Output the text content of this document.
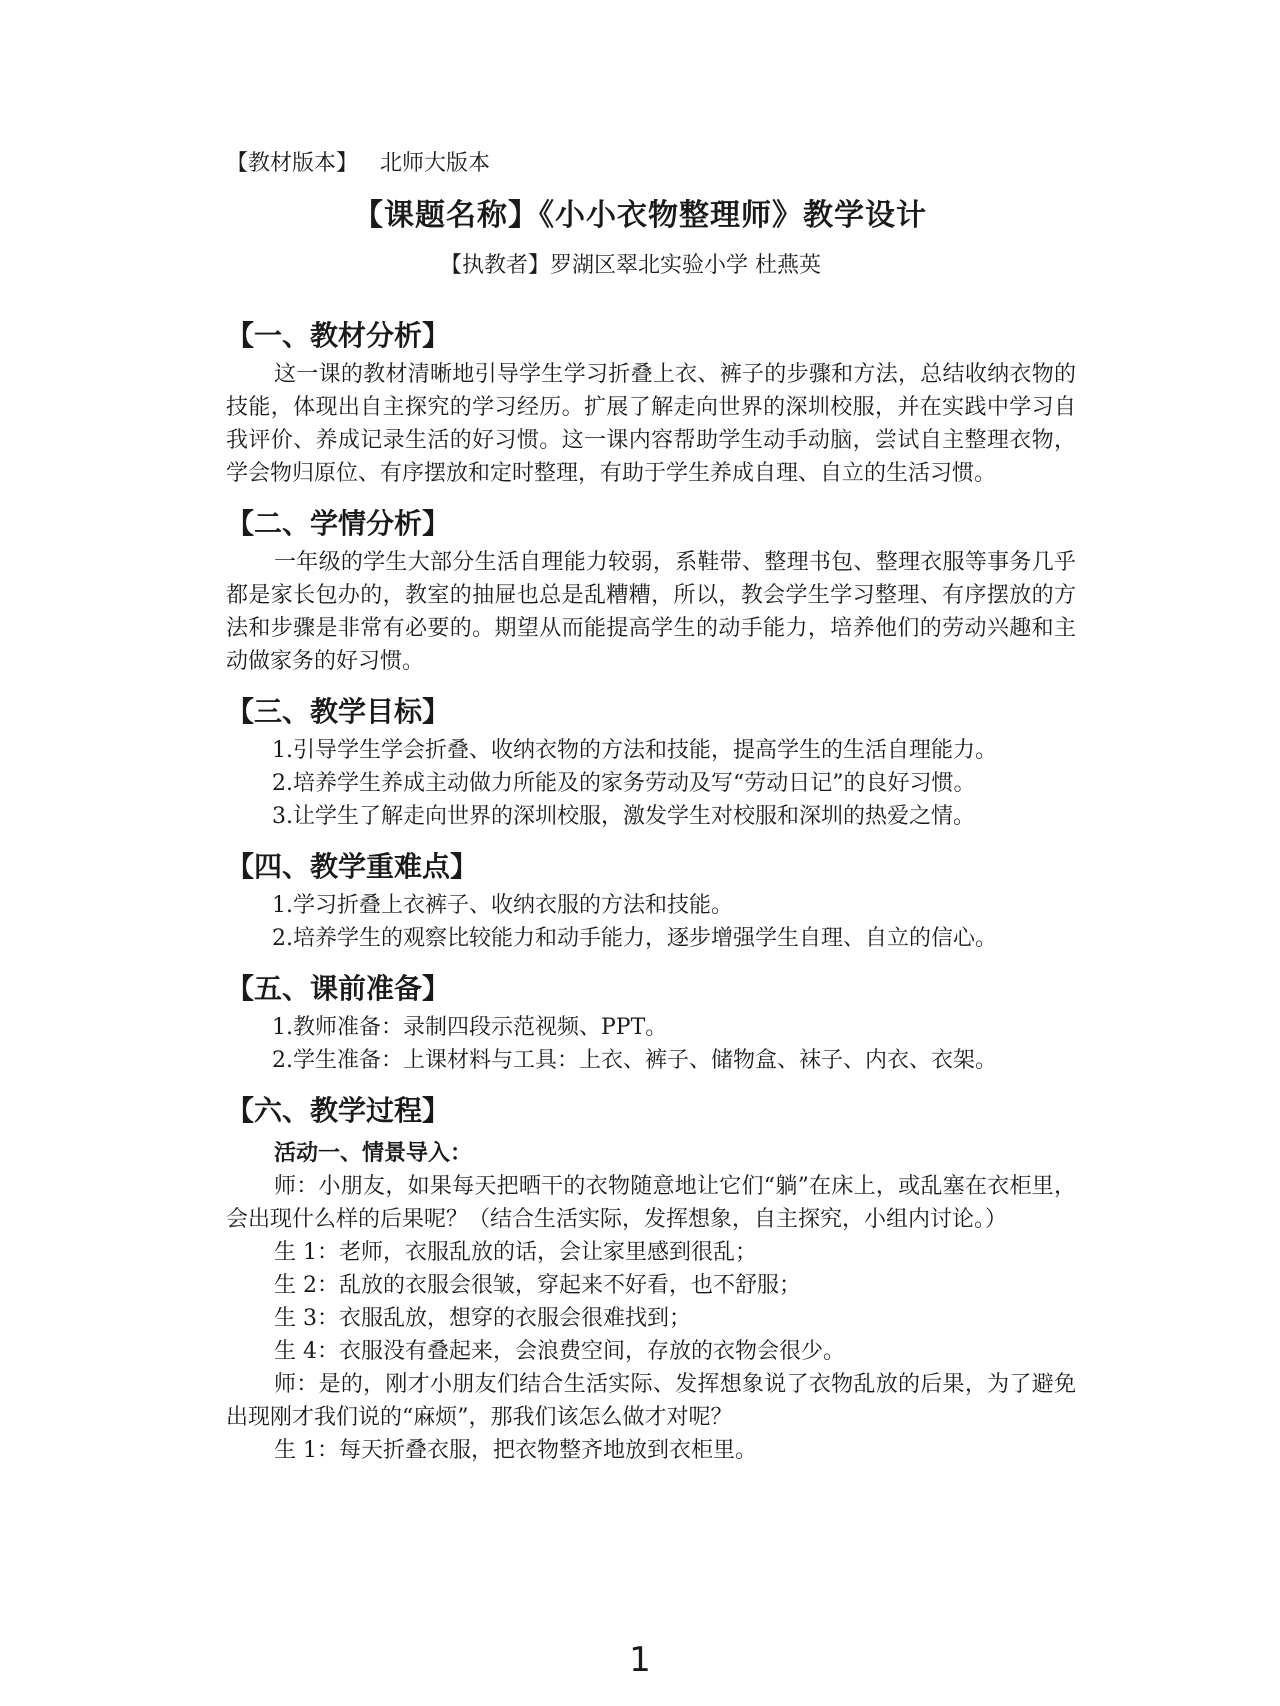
【教材版本】 北师大版本
【课题名称】《小小衣物整理师》教学设计
【执教者】罗湖区翠北实验小学 杜燕英
【一、教材分析】

这一课的教材清晰地引导学生学习折叠上衣、裤子的步骤和方法，总结收纳衣物的技能，体现出自主探究的学习经历。扩展了解走向世界的深圳校服，并在实践中学习自我评价、养成记录生活的好习惯。这一课内容帮助学生动手动脑，尝试自主整理衣物，学会物归原位、有序摆放和定时整理，有助于学生养成自理、自立的生活习惯。

【二、学情分析】

一年级的学生大部分生活自理能力较弱，系鞋带、整理书包、整理衣服等事务几乎都是家长包办的，教室的抽屉也总是乱糟糟，所以，教会学生学习整理、有序摆放的方法和步骤是非常有必要的。期望从而能提高学生的动手能力，培养他们的劳动兴趣和主动做家务的好习惯。

【三、教学目标】
1.引导学生学会折叠、收纳衣物的方法和技能，提高学生的生活自理能力。
2.培养学生养成主动做力所能及的家务劳动及写“劳动日记”的良好习惯。
3.让学生了解走向世界的深圳校服，激发学生对校服和深圳的热爱之情。
【四、教学重难点】
1.学习折叠上衣裤子、收纳衣服的方法和技能。
2.培养学生的观察比较能力和动手能力，逐步增强学生自理、自立的信心。
【五、课前准备】
1.教师准备：录制四段示范视频、PPT。
2.学生准备：上课材料与工具：上衣、裤子、储物盒、袜子、内衣、衣架。
【六、教学过程】
活动一、情景导入：

师：小朋友，如果每天把晒干的衣物随意地让它们“躺”在床上，或乱塞在衣柜里，会出现什么样的后果呢？（结合生活实际，发挥想象，自主探究，小组内讨论。）

生 1：老师，衣服乱放的话，会让家里感到很乱；
生 2：乱放的衣服会很皱，穿起来不好看，也不舒服；
生 3：衣服乱放，想穿的衣服会很难找到；
生 4：衣服没有叠起来，会浪费空间，存放的衣物会很少。

师：是的，刚才小朋友们结合生活实际、发挥想象说了衣物乱放的后果，为了避免出现刚才我们说的“麻烦”，那我们该怎么做才对呢？

生 1：每天折叠衣服，把衣物整齐地放到衣柜里。
1
